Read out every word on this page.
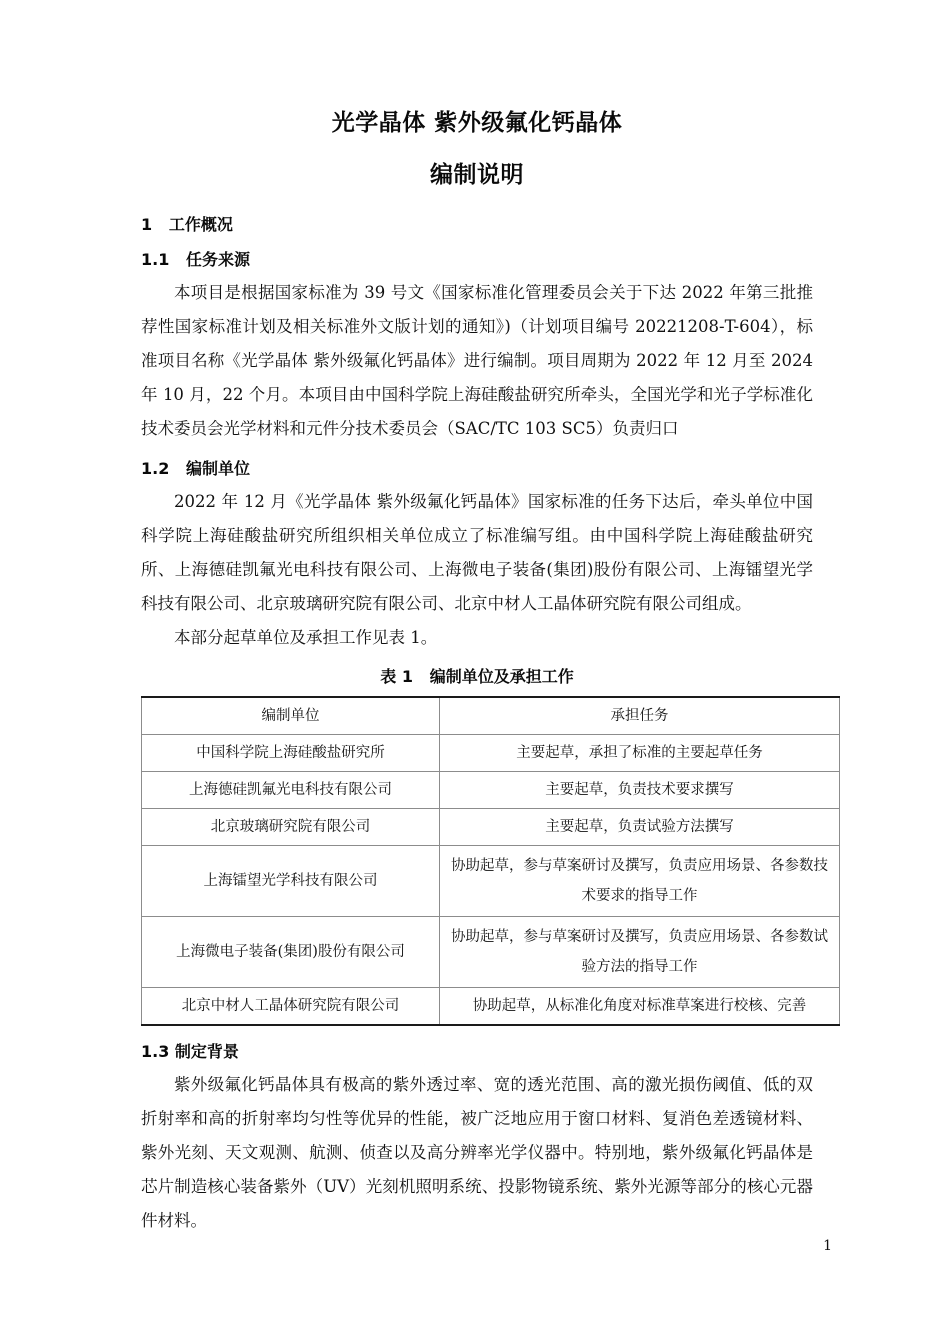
光学晶体 紫外级氟化钙晶体
编制说明
1   工作概况
1.1   任务来源

本项目是根据国家标准为 39 号文《国家标准化管理委员会关于下达 2022 年第三批推荐性国家标准计划及相关标准外文版计划的通知》)（计划项目编号 20221208-T-604），标准项目名称《光学晶体 紫外级氟化钙晶体》进行编制。项目周期为 2022 年 12 月至 2024 年 10 月，22 个月。本项目由中国科学院上海硅酸盐研究所牵头，全国光学和光子学标准化技术委员会光学材料和元件分技术委员会（SAC/TC 103 SC5）负责归口

1.2   编制单位

2022 年 12 月《光学晶体 紫外级氟化钙晶体》国家标准的任务下达后，牵头单位中国科学院上海硅酸盐研究所组织相关单位成立了标准编写组。由中国科学院上海硅酸盐研究所、上海德硅凯氟光电科技有限公司、上海微电子装备(集团)股份有限公司、上海镭望光学科技有限公司、北京玻璃研究院有限公司、北京中材人工晶体研究院有限公司组成。

本部分起草单位及承担工作见表 1。

表 1   编制单位及承担工作
编制单位	承担任务
中国科学院上海硅酸盐研究所	主要起草，承担了标准的主要起草任务
上海德硅凯氟光电科技有限公司	主要起草，负责技术要求撰写
北京玻璃研究院有限公司	主要起草，负责试验方法撰写
上海镭望光学科技有限公司	协助起草，参与草案研讨及撰写，负责应用场景、各参数技术要求的指导工作
上海微电子装备(集团)股份有限公司	协助起草，参与草案研讨及撰写，负责应用场景、各参数试验方法的指导工作
北京中材人工晶体研究院有限公司	协助起草，从标准化角度对标准草案进行校核、完善
1.3 制定背景

紫外级氟化钙晶体具有极高的紫外透过率、宽的透光范围、高的激光损伤阈值、低的双折射率和高的折射率均匀性等优异的性能，被广泛地应用于窗口材料、复消色差透镜材料、紫外光刻、天文观测、航测、侦查以及高分辨率光学仪器中。特别地，紫外级氟化钙晶体是芯片制造核心装备紫外（UV）光刻机照明系统、投影物镜系统、紫外光源等部分的核心元器件材料。

1
